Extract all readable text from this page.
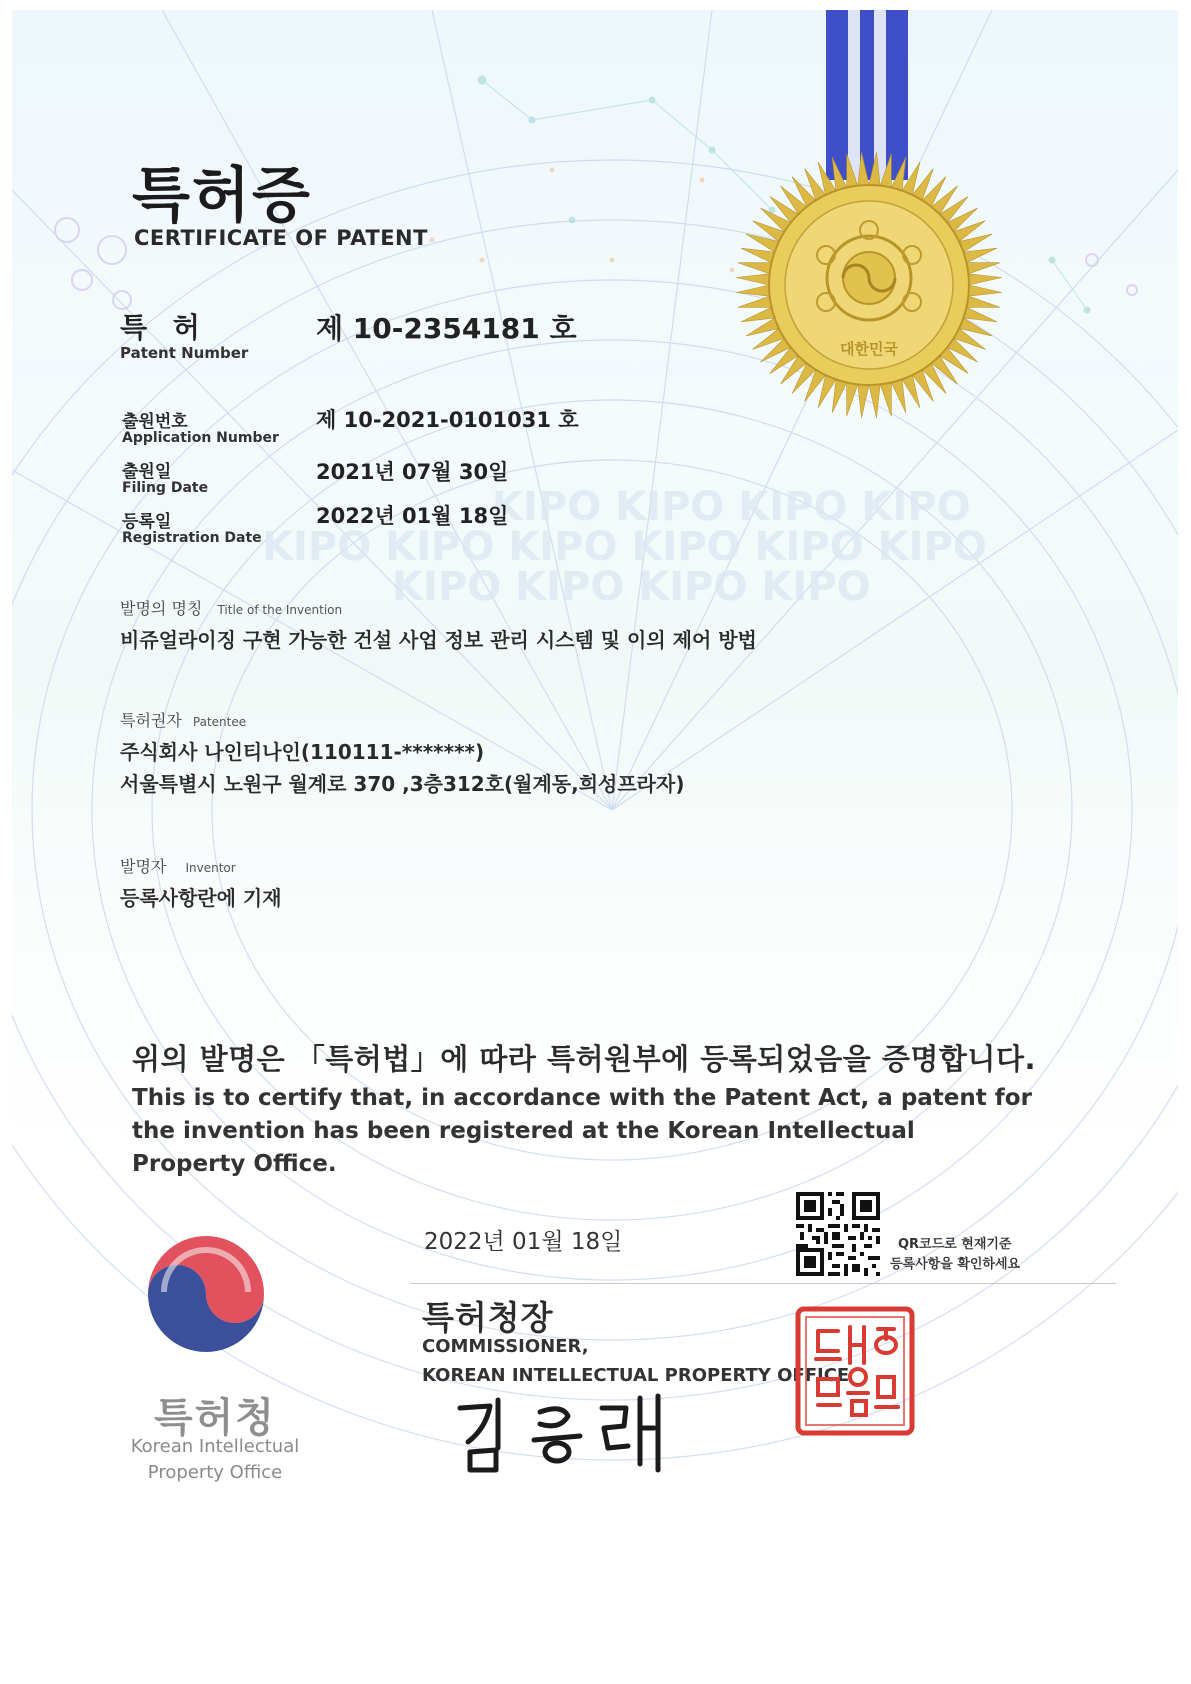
KIPO KIPO KIPO KIPO
KIPO KIPO KIPO KIPO KIPO KIPO
KIPO KIPO KIPO KIPO
대한민국
특허증
CERTIFICATE OF PATENT
특 허
Patent Number
제 10-2354181 호
출원번호
Application Number
제 10-2021-0101031 호
출원일
Filing Date
2021년 07월 30일
등록일
Registration Date
2022년 01월 18일
발명의 명칭 Title of the Invention
비쥬얼라이징 구현 가능한 건설 사업 정보 관리 시스템 및 이의 제어 방법
특허권자 Patentee
주식회사 나인티나인(110111-*******)
서울특별시 노원구 월계로 370 ,3층312호(월계동,희성프라자)
발명자 Inventor
등록사항란에 기재
위의 발명은 「특허법」에 따라 특허원부에 등록되었음을 증명합니다.
This is to certify that, in accordance with the Patent Act, a patent for the invention has been registered at the Korean Intellectual Property Office.
2022년 01월 18일
특허청장
COMMISSIONER,
KOREAN INTELLECTUAL PROPERTY OFFICE
특허청장인
QR코드로 현재기준
등록사항을 확인하세요
특허청
Korean Intellectual
Property Office
